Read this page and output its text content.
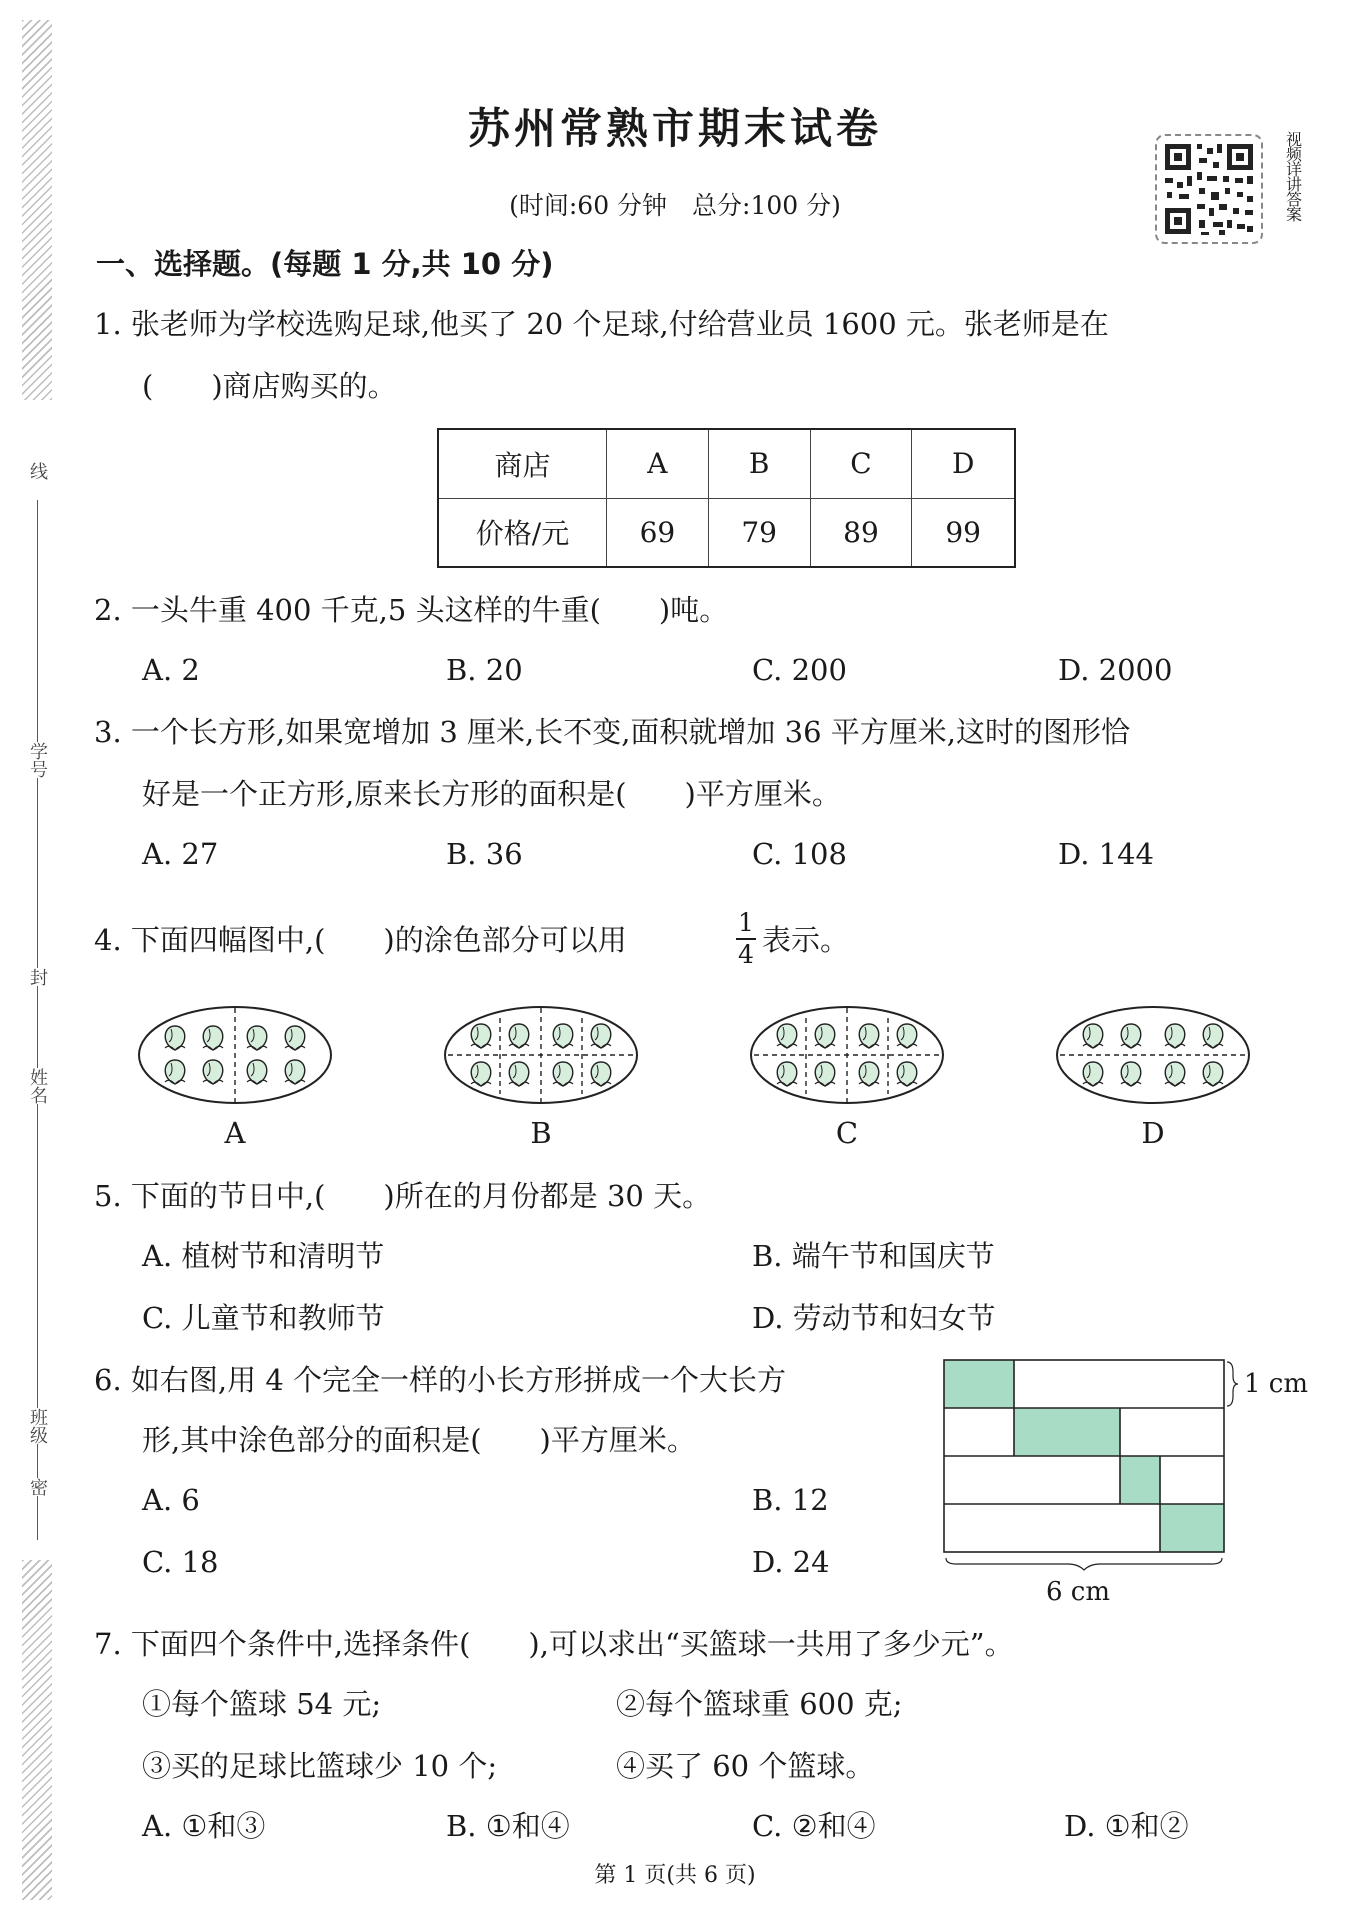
线
学号
封
姓名
班级
密
苏州常熟市期末试卷
(时间:60 分钟　总分:100 分)
视频详讲答案
一、选择题。(每题 1 分,共 10 分)
1. 张老师为学校选购足球,他买了 20 个足球,付给营业员 1600 元。张老师是在
(　　)商店购买的。
商店	A	B	C	D
价格/元	69	79	89	99
2. 一头牛重 400 千克,5 头这样的牛重(　　)吨。
A. 2	B. 20	C. 200	D. 2000
3. 一个长方形,如果宽增加 3 厘米,长不变,面积就增加 36 平方厘米,这时的图形恰
好是一个正方形,原来长方形的面积是(　　)平方厘米。
A. 27	B. 36	C. 108	D. 144
4. 下面四幅图中,(　　)的涂色部分可以用
1
4 表示。
A	B	C	D
5. 下面的节日中,(　　)所在的月份都是 30 天。
A. 植树节和清明节	B. 端午节和国庆节
C. 儿童节和教师节	D. 劳动节和妇女节
6. 如右图,用 4 个完全一样的小长方形拼成一个大长方
形,其中涂色部分的面积是(　　)平方厘米。
A. 6	B. 12
C. 18	D. 24
1 cm
6 cm
7. 下面四个条件中,选择条件(　　),可以求出“买篮球一共用了多少元”。
①每个篮球 54 元;	②每个篮球重 600 克;
③买的足球比篮球少 10 个;	④买了 60 个篮球。
A. ①和③	B. ①和④	C. ②和④	D. ①和②
第 1 页(共 6 页)
